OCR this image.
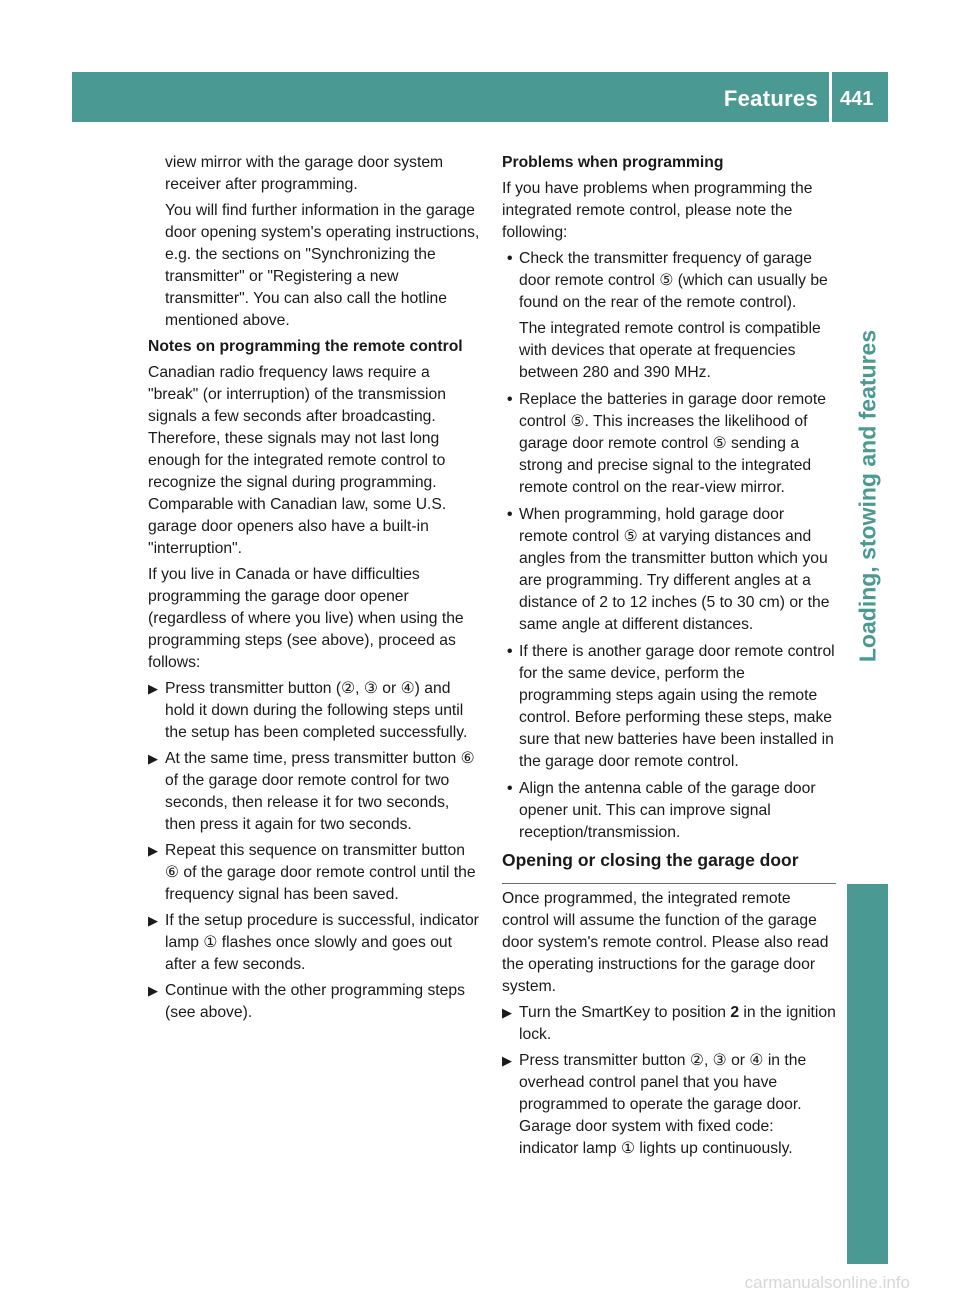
Features 441
Loading, stowing and features

view mirror with the garage door system receiver after programming.

You will find further information in the garage door opening system's operating instructions, e.g. the sections on "Synchronizing the transmitter" or "Registering a new transmitter". You can also call the hotline mentioned above.

Notes on programming the remote control

Canadian radio frequency laws require a "break" (or interruption) of the transmission signals a few seconds after broadcasting. Therefore, these signals may not last long enough for the integrated remote control to recognize the signal during programming. Comparable with Canadian law, some U.S. garage door openers also have a built-in "interruption".

If you live in Canada or have difficulties programming the garage door opener (regardless of where you live) when using the programming steps (see above), proceed as follows:

▶ Press transmitter button (②, ③ or ④) and hold it down during the following steps until the setup has been completed successfully.

▶ At the same time, press transmitter button ⑥ of the garage door remote control for two seconds, then release it for two seconds, then press it again for two seconds.

▶ Repeat this sequence on transmitter button ⑥ of the garage door remote control until the frequency signal has been saved.

▶ If the setup procedure is successful, indicator lamp ① flashes once slowly and goes out after a few seconds.

▶ Continue with the other programming steps (see above).

Problems when programming

If you have problems when programming the integrated remote control, please note the following:

• Check the transmitter frequency of garage door remote control ⑤ (which can usually be found on the rear of the remote control).

The integrated remote control is compatible with devices that operate at frequencies between 280 and 390 MHz.

• Replace the batteries in garage door remote control ⑤. This increases the likelihood of garage door remote control ⑤ sending a strong and precise signal to the integrated remote control on the rear-view mirror.

• When programming, hold garage door remote control ⑤ at varying distances and angles from the transmitter button which you are programming. Try different angles at a distance of 2 to 12 inches (5 to 30 cm) or the same angle at different distances.

• If there is another garage door remote control for the same device, perform the programming steps again using the remote control. Before performing these steps, make sure that new batteries have been installed in the garage door remote control.

• Align the antenna cable of the garage door opener unit. This can improve signal reception/transmission.

Opening or closing the garage door

Once programmed, the integrated remote control will assume the function of the garage door system's remote control. Please also read the operating instructions for the garage door system.

▶ Turn the SmartKey to position 2 in the ignition lock.

▶ Press transmitter button ②, ③ or ④ in the overhead control panel that you have programmed to operate the garage door. Garage door system with fixed code: indicator lamp ① lights up continuously.

carmanualsonline.info
